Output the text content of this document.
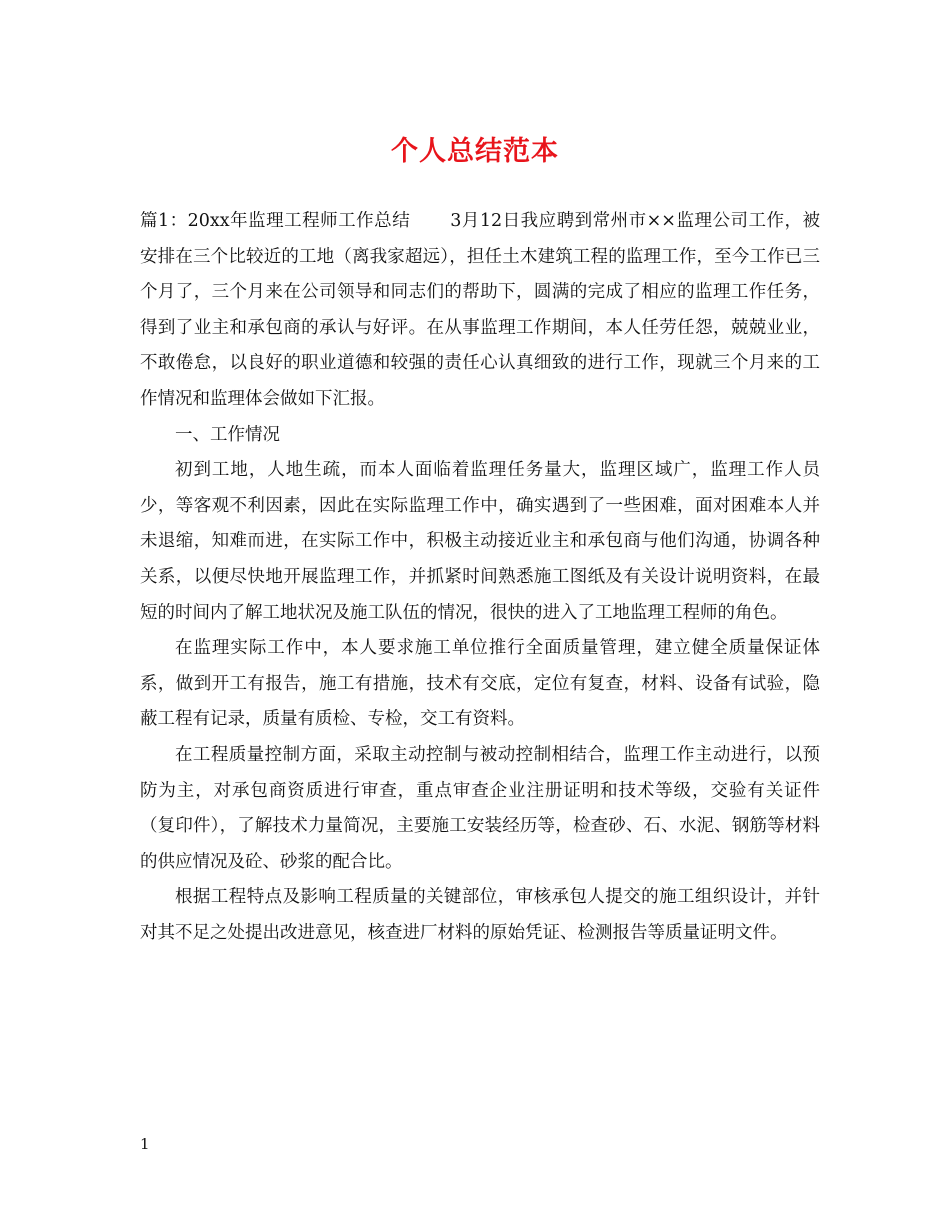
个人总结范本

篇1：20xx年监理工程师工作总结 3月12日我应聘到常州市××监理公司工作，被安排在三个比较近的工地（离我家超远），担任土木建筑工程的监理工作，至今工作已三个月了，三个月来在公司领导和同志们的帮助下，圆满的完成了相应的监理工作任务，得到了业主和承包商的承认与好评。在从事监理工作期间，本人任劳任怨，兢兢业业，不敢倦怠，以良好的职业道德和较强的责任心认真细致的进行工作，现就三个月来的工作情况和监理体会做如下汇报。

一、工作情况

初到工地，人地生疏，而本人面临着监理任务量大，监理区域广，监理工作人员少，等客观不利因素，因此在实际监理工作中，确实遇到了一些困难，面对困难本人并未退缩，知难而进，在实际工作中，积极主动接近业主和承包商与他们沟通，协调各种关系，以便尽快地开展监理工作，并抓紧时间熟悉施工图纸及有关设计说明资料，在最短的时间内了解工地状况及施工队伍的情况，很快的进入了工地监理工程师的角色。

在监理实际工作中，本人要求施工单位推行全面质量管理，建立健全质量保证体系，做到开工有报告，施工有措施，技术有交底，定位有复查，材料、设备有试验，隐蔽工程有记录，质量有质检、专检，交工有资料。

在工程质量控制方面，采取主动控制与被动控制相结合，监理工作主动进行，以预防为主，对承包商资质进行审查，重点审查企业注册证明和技术等级，交验有关证件（复印件），了解技术力量简况，主要施工安装经历等，检查砂、石、水泥、钢筋等材料的供应情况及砼、砂浆的配合比。

根据工程特点及影响工程质量的关键部位，审核承包人提交的施工组织设计，并针对其不足之处提出改进意见，核查进厂材料的原始凭证、检测报告等质量证明文件。

1
